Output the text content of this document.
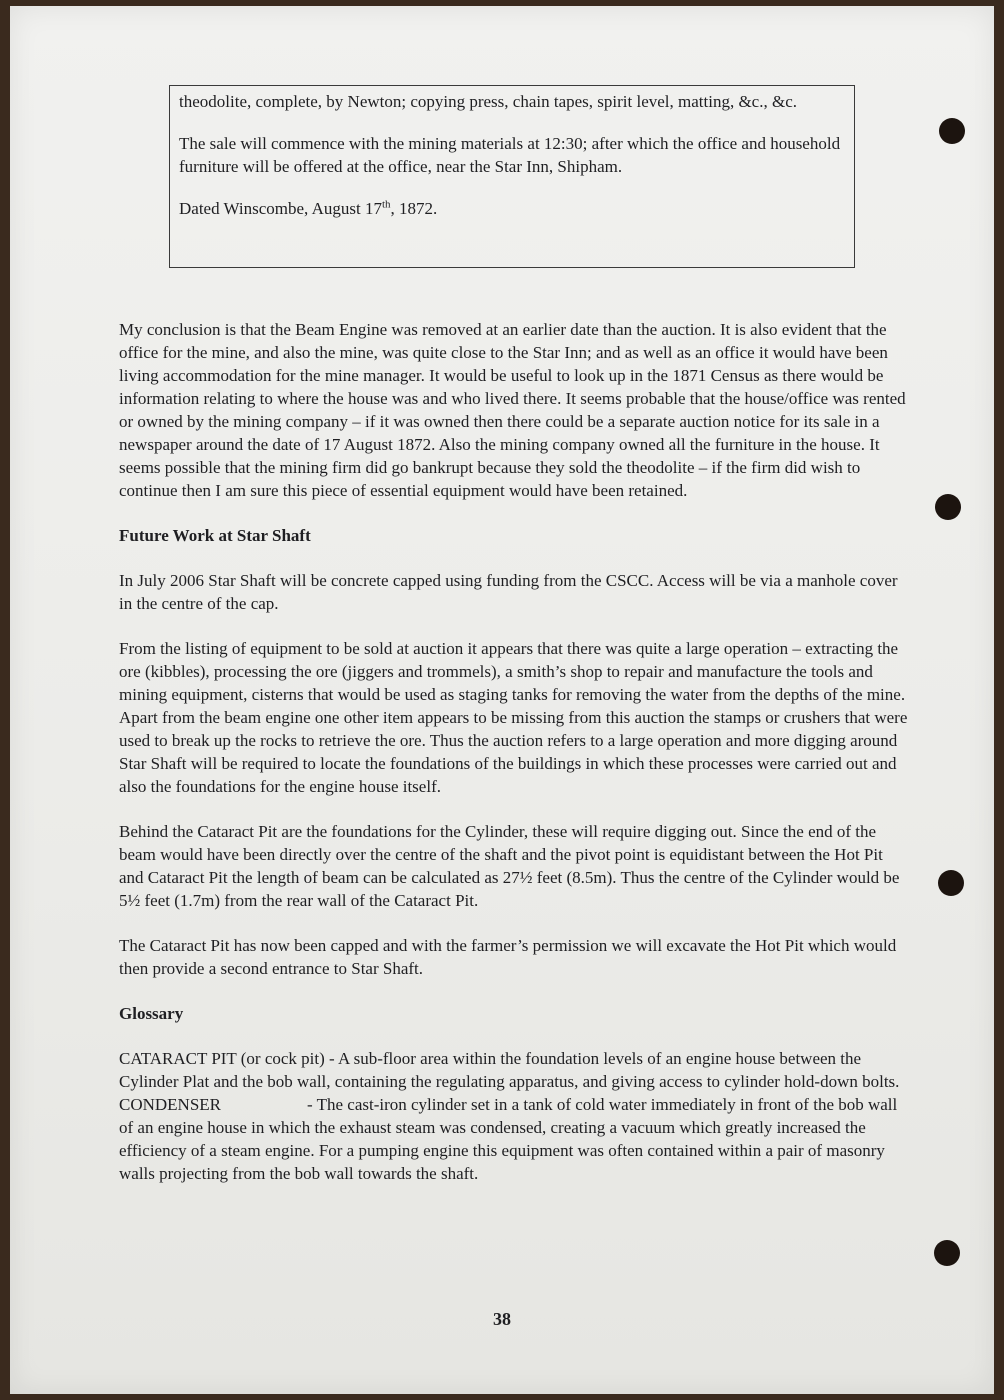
theodolite, complete, by Newton; copying press, chain tapes, spirit level, matting, &c., &c.

The sale will commence with the mining materials at 12:30; after which the office and household furniture will be offered at the office, near the Star Inn, Shipham.

Dated Winscombe, August 17th, 1872.

My conclusion is that the Beam Engine was removed at an earlier date than the auction. It is also evident that the office for the mine, and also the mine, was quite close to the Star Inn; and as well as an office it would have been living accommodation for the mine manager. It would be useful to look up in the 1871 Census as there would be information relating to where the house was and who lived there. It seems probable that the house/office was rented or owned by the mining company – if it was owned then there could be a separate auction notice for its sale in a newspaper around the date of 17 August 1872. Also the mining company owned all the furniture in the house. It seems possible that the mining firm did go bankrupt because they sold the theodolite – if the firm did wish to continue then I am sure this piece of essential equipment would have been retained.

Future Work at Star Shaft

In July 2006 Star Shaft will be concrete capped using funding from the CSCC. Access will be via a manhole cover in the centre of the cap.

From the listing of equipment to be sold at auction it appears that there was quite a large operation – extracting the ore (kibbles), processing the ore (jiggers and trommels), a smith’s shop to repair and manufacture the tools and mining equipment, cisterns that would be used as staging tanks for removing the water from the depths of the mine. Apart from the beam engine one other item appears to be missing from this auction the stamps or crushers that were used to break up the rocks to retrieve the ore. Thus the auction refers to a large operation and more digging around Star Shaft will be required to locate the foundations of the buildings in which these processes were carried out and also the foundations for the engine house itself.

Behind the Cataract Pit are the foundations for the Cylinder, these will require digging out. Since the end of the beam would have been directly over the centre of the shaft and the pivot point is equidistant between the Hot Pit and Cataract Pit the length of beam can be calculated as 27½ feet (8.5m). Thus the centre of the Cylinder would be 5½ feet (1.7m) from the rear wall of the Cataract Pit.

The Cataract Pit has now been capped and with the farmer’s permission we will excavate the Hot Pit which would then provide a second entrance to Star Shaft.

Glossary

CATARACT PIT (or cock pit) - A sub-floor area within the foundation levels of an engine house between the Cylinder Plat and the bob wall, containing the regulating apparatus, and giving access to cylinder hold-down bolts.

CONDENSER	- The cast-iron cylinder set in a tank of cold water immediately in front of the bob wall of an engine house in which the exhaust steam was condensed, creating a vacuum which greatly increased the efficiency of a steam engine. For a pumping engine this equipment was often contained within a pair of masonry walls projecting from the bob wall towards the shaft.

38
